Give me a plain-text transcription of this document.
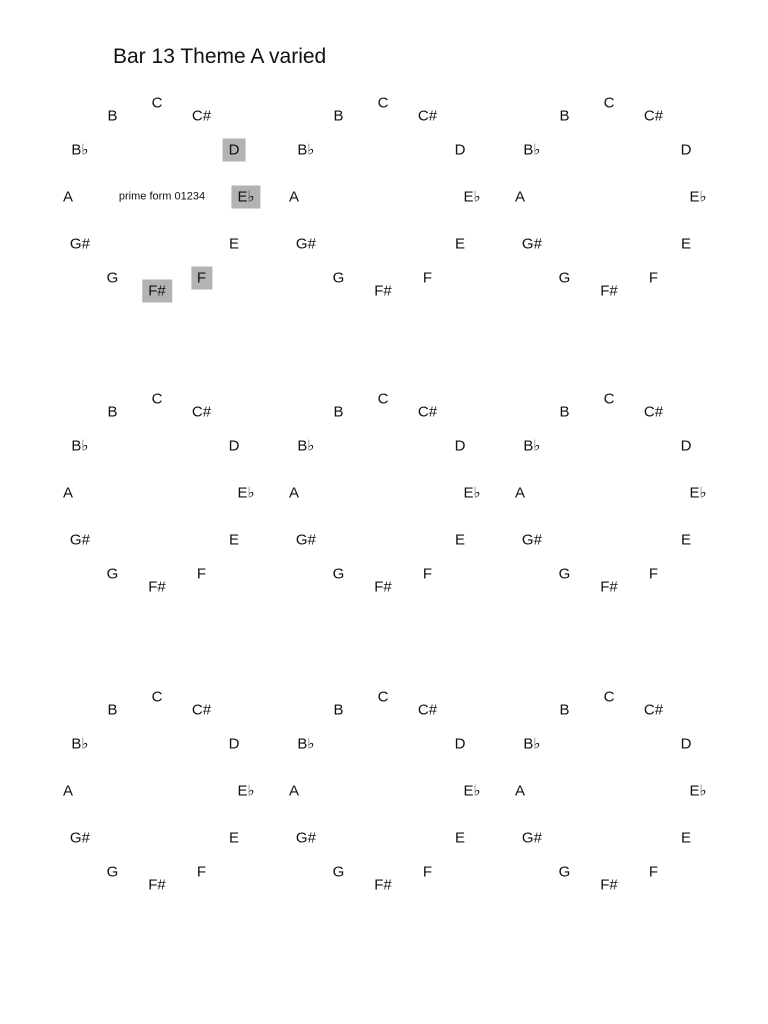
Bar 13 Theme A varied
C
C#
D
E♭
E
F
F#
G
G#
A
B♭
B
prime form 01234
C
C#
D
E♭
E
F
F#
G
G#
A
B♭
B
C
C#
D
E♭
E
F
F#
G
G#
A
B♭
B
C
C#
D
E♭
E
F
F#
G
G#
A
B♭
B
C
C#
D
E♭
E
F
F#
G
G#
A
B♭
B
C
C#
D
E♭
E
F
F#
G
G#
A
B♭
B
C
C#
D
E♭
E
F
F#
G
G#
A
B♭
B
C
C#
D
E♭
E
F
F#
G
G#
A
B♭
B
C
C#
D
E♭
E
F
F#
G
G#
A
B♭
B
